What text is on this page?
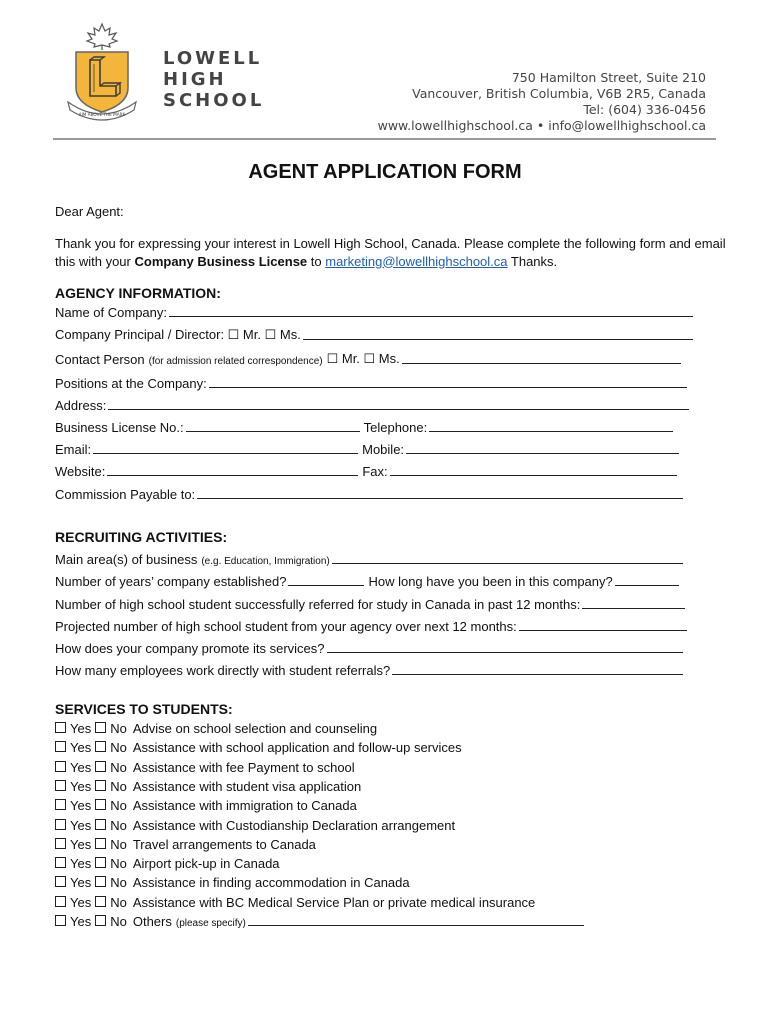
AIM ABOVE THE MARK
LOWELL
HIGH
SCHOOL
750 Hamilton Street, Suite 210
Vancouver, British Columbia, V6B 2R5, Canada
Tel: (604) 336-0456
www.lowellhighschool.ca • info@lowellhighschool.ca
AGENT APPLICATION FORM
Dear Agent:
Thank you for expressing your interest in Lowell High School, Canada. Please complete the following form and email this with your Company Business License to marketing@lowellhighschool.ca Thanks.
AGENCY INFORMATION:
Name of Company:
Company Principal / Director: ☐ Mr. ☐ Ms.
Contact Person (for admission related correspondence) ☐ Mr. ☐ Ms.
Positions at the Company:
Address:
Business License No.:	Telephone:
Email:	Mobile:
Website:	Fax:
Commission Payable to:
RECRUITING ACTIVITIES:
Main area(s) of business (e.g. Education, Immigration)
Number of years’ company established?	How long have you been in this company?
Number of high school student successfully referred for study in Canada in past 12 months:
Projected number of high school student from your agency over next 12 months:
How does your company promote its services?
How many employees work directly with student referrals?
SERVICES TO STUDENTS:
Yes No Advise on school selection and counseling
Yes No Assistance with school application and follow-up services
Yes No Assistance with fee Payment to school
Yes No Assistance with student visa application
Yes No Assistance with immigration to Canada
Yes No Assistance with Custodianship Declaration arrangement
Yes No Travel arrangements to Canada
Yes No Airport pick-up in Canada
Yes No Assistance in finding accommodation in Canada
Yes No Assistance with BC Medical Service Plan or private medical insurance
Yes No Others (please specify)
